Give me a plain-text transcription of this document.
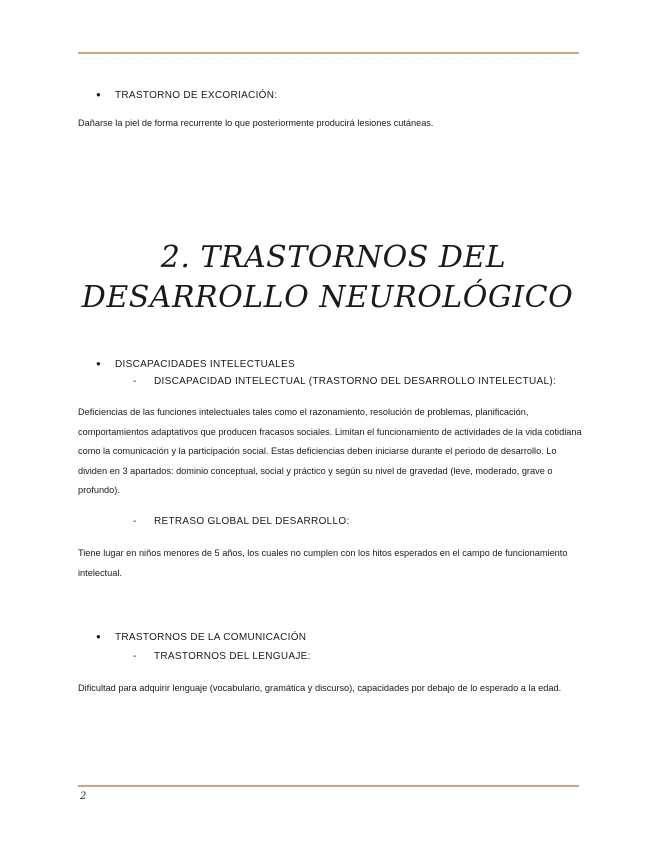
● TRASTORNO DE EXCORIACIÓN:

Dañarse la piel de forma recurrente lo que posteriormente producirá lesiones cutáneas.

2. TRASTORNOS DEL
DESARROLLO NEUROLÓGICO
● DISCAPACIDADES INTELECTUALES
- DISCAPACIDAD INTELECTUAL (TRASTORNO DEL DESARROLLO INTELECTUAL):

Deficiencias de las funciones intelectuales tales como el razonamiento, resolución de problemas, planificación, comportamientos adaptativos que producen fracasos sociales. Limitan el funcionamiento de actividades de la vida cotidiana como la comunicación y la participación social. Estas deficiencias deben iniciarse durante el periodo de desarrollo. Lo dividen en 3 apartados: dominio conceptual, social y práctico y según su nivel de gravedad (leve, moderado, grave o profundo).

- RETRASO GLOBAL DEL DESARROLLO:

Tiene lugar en niños menores de 5 años, los cuales no cumplen con los hitos esperados en el campo de funcionamiento intelectual.

● TRASTORNOS DE LA COMUNICACIÓN
- TRASTORNOS DEL LENGUAJE:

Dificultad para adquirir lenguaje (vocabulario, gramática y discurso), capacidades por debajo de lo esperado a la edad.

2
